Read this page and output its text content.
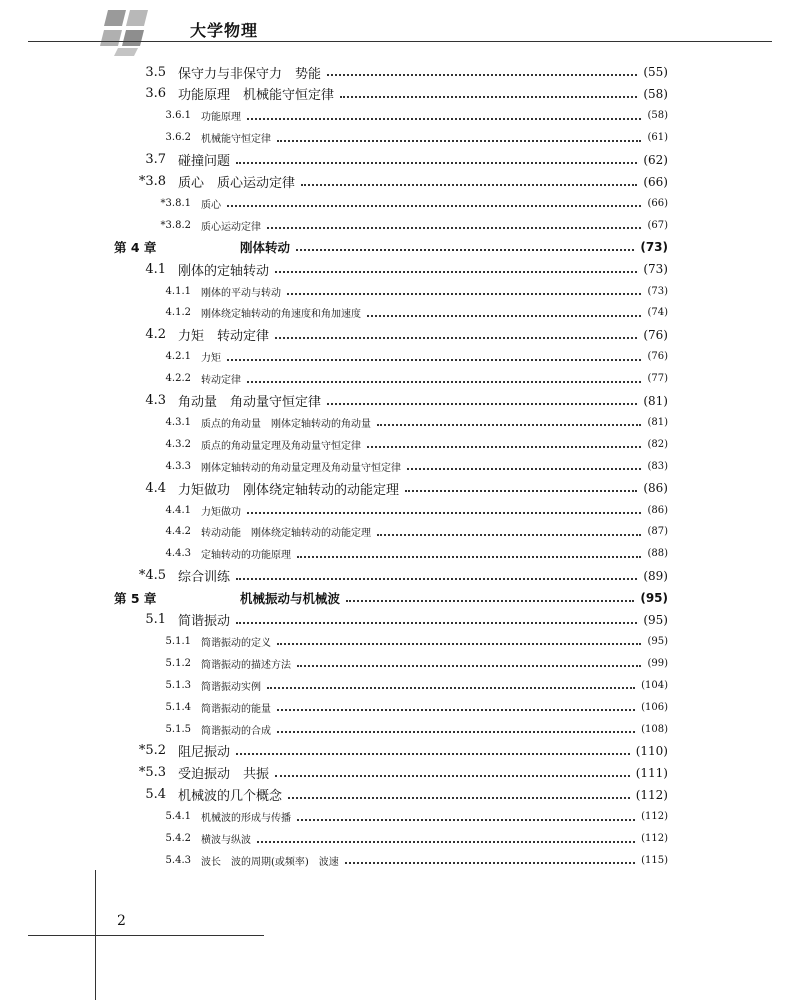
大学物理
3.5 保守力与非保守力　势能	(55)
3.6 功能原理　机械能守恒定律	(58)
3.6.1 功能原理	(58)
3.6.2 机械能守恒定律	(61)
3.7 碰撞问题	(62)
*3.8 质心　质心运动定律	(66)
*3.8.1 质心	(66)
*3.8.2 质心运动定律	(67)
第 4 章	刚体转动	(73)
4.1 刚体的定轴转动	(73)
4.1.1 刚体的平动与转动	(73)
4.1.2 刚体绕定轴转动的角速度和角加速度	(74)
4.2 力矩　转动定律	(76)
4.2.1 力矩	(76)
4.2.2 转动定律	(77)
4.3 角动量　角动量守恒定律	(81)
4.3.1 质点的角动量　刚体定轴转动的角动量	(81)
4.3.2 质点的角动量定理及角动量守恒定律	(82)
4.3.3 刚体定轴转动的角动量定理及角动量守恒定律	(83)
4.4 力矩做功　刚体绕定轴转动的动能定理	(86)
4.4.1 力矩做功	(86)
4.4.2 转动动能　刚体绕定轴转动的动能定理	(87)
4.4.3 定轴转动的功能原理	(88)
*4.5 综合训练	(89)
第 5 章	机械振动与机械波	(95)
5.1 简谐振动	(95)
5.1.1 简谐振动的定义	(95)
5.1.2 简谐振动的描述方法	(99)
5.1.3 简谐振动实例	(104)
5.1.4 简谐振动的能量	(106)
5.1.5 简谐振动的合成	(108)
*5.2 阻尼振动	(110)
*5.3 受迫振动　共振	(111)
5.4 机械波的几个概念	(112)
5.4.1 机械波的形成与传播	(112)
5.4.2 横波与纵波	(112)
5.4.3 波长　波的周期(或频率)　波速	(115)
2
